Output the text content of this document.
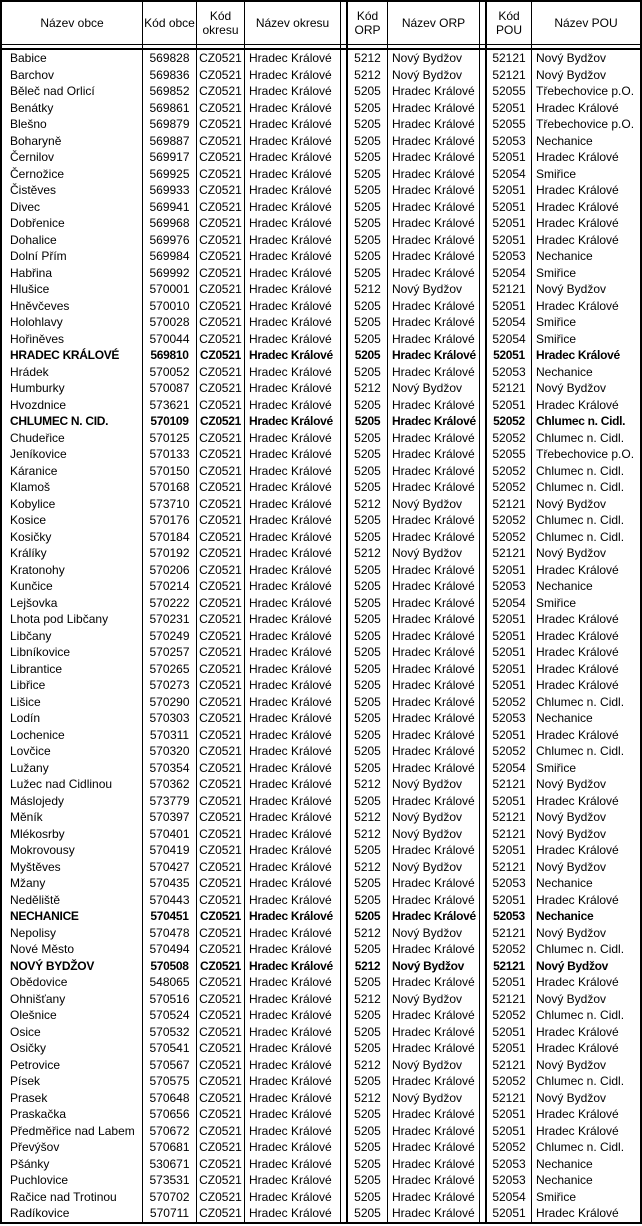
Název obce	Kód obce	Kód okresu	Název okresu		Kód ORP	Název ORP		Kód POU	Název POU

Babice	569828	CZ0521	Hradec Králové		5212	Nový Bydžov		52121	Nový Bydžov
Barchov	569836	CZ0521	Hradec Králové		5212	Nový Bydžov		52121	Nový Bydžov
Běleč nad Orlicí	569852	CZ0521	Hradec Králové		5205	Hradec Králové		52055	Třebechovice p.O.
Benátky	569861	CZ0521	Hradec Králové		5205	Hradec Králové		52051	Hradec Králové
Blešno	569879	CZ0521	Hradec Králové		5205	Hradec Králové		52055	Třebechovice p.O.
Boharyně	569887	CZ0521	Hradec Králové		5205	Hradec Králové		52053	Nechanice
Černilov	569917	CZ0521	Hradec Králové		5205	Hradec Králové		52051	Hradec Králové
Černožice	569925	CZ0521	Hradec Králové		5205	Hradec Králové		52054	Smiřice
Čistěves	569933	CZ0521	Hradec Králové		5205	Hradec Králové		52051	Hradec Králové
Divec	569941	CZ0521	Hradec Králové		5205	Hradec Králové		52051	Hradec Králové
Dobřenice	569968	CZ0521	Hradec Králové		5205	Hradec Králové		52051	Hradec Králové
Dohalice	569976	CZ0521	Hradec Králové		5205	Hradec Králové		52051	Hradec Králové
Dolní Přím	569984	CZ0521	Hradec Králové		5205	Hradec Králové		52053	Nechanice
Habřina	569992	CZ0521	Hradec Králové		5205	Hradec Králové		52054	Smiřice
Hlušice	570001	CZ0521	Hradec Králové		5212	Nový Bydžov		52121	Nový Bydžov
Hněvčeves	570010	CZ0521	Hradec Králové		5205	Hradec Králové		52051	Hradec Králové
Holohlavy	570028	CZ0521	Hradec Králové		5205	Hradec Králové		52054	Smiřice
Hořiněves	570044	CZ0521	Hradec Králové		5205	Hradec Králové		52054	Smiřice
HRADEC KRÁLOVÉ	569810	CZ0521	Hradec Králové		5205	Hradec Králové		52051	Hradec Králové
Hrádek	570052	CZ0521	Hradec Králové		5205	Hradec Králové		52053	Nechanice
Humburky	570087	CZ0521	Hradec Králové		5212	Nový Bydžov		52121	Nový Bydžov
Hvozdnice	573621	CZ0521	Hradec Králové		5205	Hradec Králové		52051	Hradec Králové
CHLUMEC N. CID.	570109	CZ0521	Hradec Králové		5205	Hradec Králové		52052	Chlumec n. Cidl.
Chudeřice	570125	CZ0521	Hradec Králové		5205	Hradec Králové		52052	Chlumec n. Cidl.
Jeníkovice	570133	CZ0521	Hradec Králové		5205	Hradec Králové		52055	Třebechovice p.O.
Káranice	570150	CZ0521	Hradec Králové		5205	Hradec Králové		52052	Chlumec n. Cidl.
Klamoš	570168	CZ0521	Hradec Králové		5205	Hradec Králové		52052	Chlumec n. Cidl.
Kobylice	573710	CZ0521	Hradec Králové		5212	Nový Bydžov		52121	Nový Bydžov
Kosice	570176	CZ0521	Hradec Králové		5205	Hradec Králové		52052	Chlumec n. Cidl.
Kosičky	570184	CZ0521	Hradec Králové		5205	Hradec Králové		52052	Chlumec n. Cidl.
Králíky	570192	CZ0521	Hradec Králové		5212	Nový Bydžov		52121	Nový Bydžov
Kratonohy	570206	CZ0521	Hradec Králové		5205	Hradec Králové		52051	Hradec Králové
Kunčice	570214	CZ0521	Hradec Králové		5205	Hradec Králové		52053	Nechanice
Lejšovka	570222	CZ0521	Hradec Králové		5205	Hradec Králové		52054	Smiřice
Lhota pod Libčany	570231	CZ0521	Hradec Králové		5205	Hradec Králové		52051	Hradec Králové
Libčany	570249	CZ0521	Hradec Králové		5205	Hradec Králové		52051	Hradec Králové
Libníkovice	570257	CZ0521	Hradec Králové		5205	Hradec Králové		52051	Hradec Králové
Librantice	570265	CZ0521	Hradec Králové		5205	Hradec Králové		52051	Hradec Králové
Libřice	570273	CZ0521	Hradec Králové		5205	Hradec Králové		52051	Hradec Králové
Lišice	570290	CZ0521	Hradec Králové		5205	Hradec Králové		52052	Chlumec n. Cidl.
Lodín	570303	CZ0521	Hradec Králové		5205	Hradec Králové		52053	Nechanice
Lochenice	570311	CZ0521	Hradec Králové		5205	Hradec Králové		52051	Hradec Králové
Lovčice	570320	CZ0521	Hradec Králové		5205	Hradec Králové		52052	Chlumec n. Cidl.
Lužany	570354	CZ0521	Hradec Králové		5205	Hradec Králové		52054	Smiřice
Lužec nad Cidlinou	570362	CZ0521	Hradec Králové		5212	Nový Bydžov		52121	Nový Bydžov
Máslojedy	573779	CZ0521	Hradec Králové		5205	Hradec Králové		52051	Hradec Králové
Měník	570397	CZ0521	Hradec Králové		5212	Nový Bydžov		52121	Nový Bydžov
Mlékosrby	570401	CZ0521	Hradec Králové		5212	Nový Bydžov		52121	Nový Bydžov
Mokrovousy	570419	CZ0521	Hradec Králové		5205	Hradec Králové		52051	Hradec Králové
Myštěves	570427	CZ0521	Hradec Králové		5212	Nový Bydžov		52121	Nový Bydžov
Mžany	570435	CZ0521	Hradec Králové		5205	Hradec Králové		52053	Nechanice
Neděliště	570443	CZ0521	Hradec Králové		5205	Hradec Králové		52051	Hradec Králové
NECHANICE	570451	CZ0521	Hradec Králové		5205	Hradec Králové		52053	Nechanice
Nepolisy	570478	CZ0521	Hradec Králové		5212	Nový Bydžov		52121	Nový Bydžov
Nové Město	570494	CZ0521	Hradec Králové		5205	Hradec Králové		52052	Chlumec n. Cidl.
NOVÝ BYDŽOV	570508	CZ0521	Hradec Králové		5212	Nový Bydžov		52121	Nový Bydžov
Obědovice	548065	CZ0521	Hradec Králové		5205	Hradec Králové		52051	Hradec Králové
Ohnišťany	570516	CZ0521	Hradec Králové		5212	Nový Bydžov		52121	Nový Bydžov
Olešnice	570524	CZ0521	Hradec Králové		5205	Hradec Králové		52052	Chlumec n. Cidl.
Osice	570532	CZ0521	Hradec Králové		5205	Hradec Králové		52051	Hradec Králové
Osičky	570541	CZ0521	Hradec Králové		5205	Hradec Králové		52051	Hradec Králové
Petrovice	570567	CZ0521	Hradec Králové		5212	Nový Bydžov		52121	Nový Bydžov
Písek	570575	CZ0521	Hradec Králové		5205	Hradec Králové		52052	Chlumec n. Cidl.
Prasek	570648	CZ0521	Hradec Králové		5212	Nový Bydžov		52121	Nový Bydžov
Praskačka	570656	CZ0521	Hradec Králové		5205	Hradec Králové		52051	Hradec Králové
Předměřice nad Labem	570672	CZ0521	Hradec Králové		5205	Hradec Králové		52051	Hradec Králové
Převýšov	570681	CZ0521	Hradec Králové		5205	Hradec Králové		52052	Chlumec n. Cidl.
Pšánky	530671	CZ0521	Hradec Králové		5205	Hradec Králové		52053	Nechanice
Puchlovice	573531	CZ0521	Hradec Králové		5205	Hradec Králové		52053	Nechanice
Račice nad Trotinou	570702	CZ0521	Hradec Králové		5205	Hradec Králové		52054	Smiřice
Radíkovice	570711	CZ0521	Hradec Králové		5205	Hradec Králové		52051	Hradec Králové
